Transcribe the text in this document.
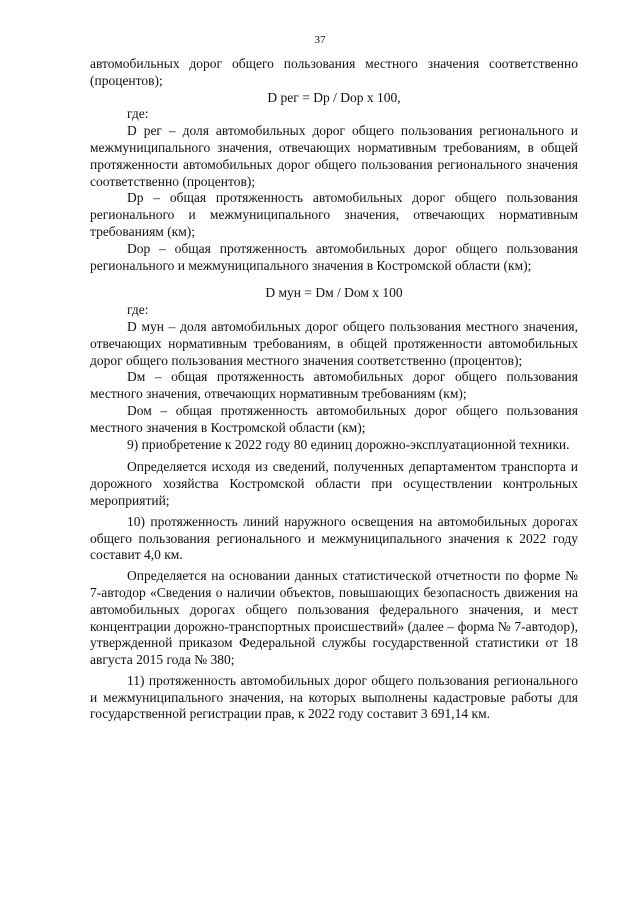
37

автомобильных дорог общего пользования местного значения соответственно (процентов);

D рег = Dр / Dор х 100,

где:

D рег – доля автомобильных дорог общего пользования регионального и межмуниципального значения, отвечающих нормативным требованиям, в общей протяженности автомобильных дорог общего пользования регионального значения соответственно (процентов);

Dр – общая протяженность автомобильных дорог общего пользования регионального и межмуниципального значения, отвечающих нормативным требованиям (км);

Dор – общая протяженность автомобильных дорог общего пользования регионального и межмуниципального значения в Костромской области (км);

D мун = Dм / Dом х 100

где:

D мун – доля автомобильных дорог общего пользования местного значения, отвечающих нормативным требованиям, в общей протяженности автомобильных дорог общего пользования местного значения соответственно (процентов);

Dм – общая протяженность автомобильных дорог общего пользования местного значения, отвечающих нормативным требованиям (км);

Dом – общая протяженность автомобильных дорог общего пользования местного значения в Костромской области (км);

9) приобретение к 2022 году 80 единиц дорожно-эксплуатационной техники.

Определяется исходя из сведений, полученных департаментом транспорта и дорожного хозяйства Костромской области при осуществлении контрольных мероприятий;

10) протяженность линий наружного освещения на автомобильных дорогах общего пользования регионального и межмуниципального значения к 2022 году составит 4,0 км.

Определяется на основании данных статистической отчетности по форме № 7-автодор «Сведения о наличии объектов, повышающих безопасность движения на автомобильных дорогах общего пользования федерального значения, и мест концентрации дорожно-транспортных происшествий» (далее – форма № 7-автодор), утвержденной приказом Федеральной службы государственной статистики от 18 августа 2015 года № 380;

11) протяженность автомобильных дорог общего пользования регионального и межмуниципального значения, на которых выполнены кадастровые работы для государственной регистрации прав, к 2022 году составит 3 691,14 км.
